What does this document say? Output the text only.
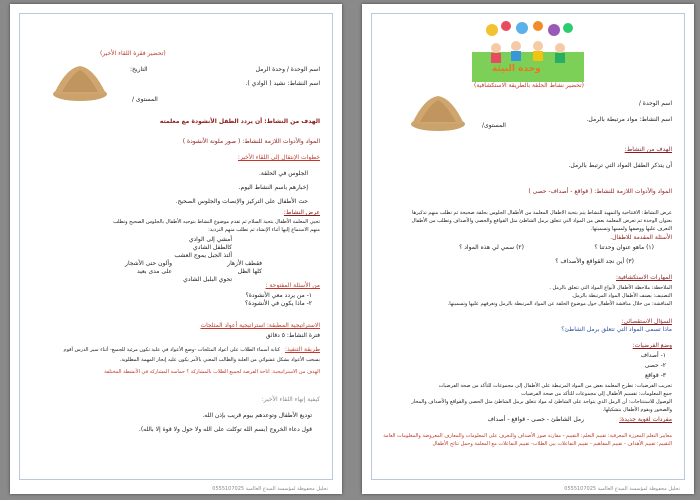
(تحضير فقرة اللقاء الأخير)
اسم الوحدة / وحدة الرمل
التاريخ:
اسم النشاط: نشيد ( الوادي ).
المستوى /
الهدف من النشاط: أن يردد الطفل الأنشودة مع معلمته
المواد والأدوات اللازمة للنشاط: ( صور ملونة الأنشودة )
خطوات الإنتقال إلى اللقاء الأخير:
الجلوس في الحلقة.
إخبارهم باسم النشاط اليوم.
حث الأطفال على التركيز والإنصات والجلوس الصحيح.
عرض النشاط:
تحيي المعلمة الأطفال بتحية السلام ثم تقدم موضوع النشاط بتوجيه الأطفال بالجلوس الصحيح وتطلب
منهم الاستماع إليها أثناء الإنشاد ثم تطلب منهم الترديد:
أمشي إلى الوادي
كالطفل الشادي
ألتذ الجبل يموج العشب
فقطف الأزهار
وألون حتى الأشجار
كلها الظل
على مدى بعيد
تحوي البلبل الشادي
من الأسئلة المفتوحة :
١- من يردد معي الأنشودة؟
٢- ماذا يكون في الأنشودة؟
الاستراتيجية المطبقة: استراتيجية أعواد المثلجات
فترة النشاط: ٥ دقائق
طريقة التنفيذ:
كتابة أسماء الطلاب على أعواد المثلجات -وضع الأعواد في علبة تكون مرئية للجميع- أثناء سير الدرس أقوم
بسحب الأعواد بشكل عشوائي من العلبة والطالب المعني بالأمر يكون عليه إنجاز المهمة المطلوبة.
الهدف من الاستراتيجية: اتاحة الفرصة لجميع الطلاب بالمشاركة ؟ حماسة المشاركة في الأنشطة المختلفة
كيفية إنهاء اللقاء الأخير:
توديع الأطفال وتوعدهم بيوم قريب بإذن الله.
قول دعاء الخروج (بسم الله توكلت على الله ولا حول ولا قوة إلا بالله).
تحليل محفوظة لمؤسسة المبدع العالمية 0555107025
وحدة البيئة
(تحضير نشاط الحلقة بالطريقة الاستكشافية)
اسم الوحدة /
اسم النشاط: مواد مرتبطة بالرمل.
المستوى/
الهدف من النشاط:
أن يتذكر الطفل المواد التي ترتبط بالرمل.
المواد والأدوات اللازمة للنشاط: ( قواقع - أصداف- حصى )
عرض النشاط: الافتتاحية والتمهيد للنشاط يتم بتحية الاطفال المعلمة من الأطفال الجلوس بحلقة صحيحة ثم تطلب منهم تذكيرها
بعنوان الوحدة ثم تعرض المعلمة بعض من المواد التي تتعلق برمل الشاطئ مثل القواقع والحصى والأصداف وتطلب من الأطفال
التعرف عليها ووصفها ولمسها وتسميتها.
الأسئلة المقدمة للاطفال.
(١) ماهو عنوان وحدتنا ؟
(٢) سمي لي هذه المواد ؟
(٣) أين نجد القواقع والأصداف ؟
المهارات الاستكشافية:
الملاحظة: ملاحظة الأطفال لأنواع المواد التي تتعلق بالرمل .
التصنيف: يصنف الأطفال المواد المرتبطة بالرمل.
المناقشة: من خلال مناقشة الأطفال حول موضوع الحلقة عن المواد المرتبطة بالرمل وتعرفهم عليها وتسميتها.
السؤال الاستقصائي:
ماذا تسمى المواد التي تتعلق برمل الشاطئ؟
وضع الفرضيات:
١- أصداف
٢- حصى
٣- قواقع
تجريب الفرضيات: تطرح المعلمة بعض من المواد المرتبطة على الأطفال إلى مجموعات للتأكد من صحة الفرضيات
جمع المعلومات: تقسيم الأطفال إلى مجموعات للتأكد من صحة الفرضيات
الوصول للاستنتاجات: أن الرمل الذي يتواجد على الشاطئ له مواد تتعلق برمل الشاطئ مثل الحصى والقواقع والأصداف والمحار
والصخور ويقوم الأطفال بتشكيلها.
مفردات لغوية جديدة:
رمل الشاطئ - حصى - قواقع - أصداف
معايير التعلم المعززة المعرفية: تقييم التعلم: التقييم - مقارنة صور الأصداف والتعرف على المعلومات والمعارف المعروضة والمعلومات العامة
التقييم: تقييم الأهداف - تقييم المفاهيم - تقييم التفاعلات بين الطلاب- تقييم التفاعلات مع المعلمة وحمل نتائج الأطفال
تحليل محفوظة لمؤسسة المبدع العالمية 0555107025
